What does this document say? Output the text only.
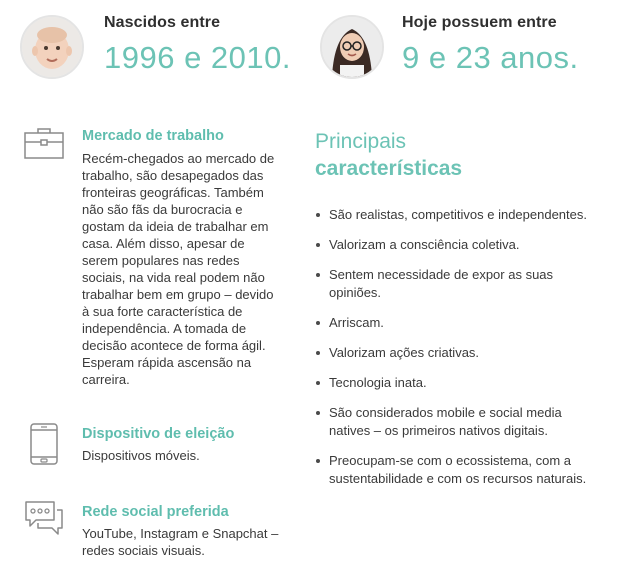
Nascidos entre
1996 e 2010.
Hoje possuem entre
9 e 23 anos.
Mercado de trabalho
Recém-chegados ao mercado de
trabalho, são desapegados das
fronteiras geográficas. Também
não são fãs da burocracia e
gostam da ideia de trabalhar em
casa. Além disso, apesar de
serem populares nas redes
sociais, na vida real podem não
trabalhar bem em grupo – devido
à sua forte característica de
independência. A tomada de
decisão acontece de forma ágil.
Esperam rápida ascensão na
carreira.
Dispositivo de eleição
Dispositivos móveis.
Rede social preferida
YouTube, Instagram e Snapchat –
redes sociais visuais.
Principais
características
São realistas, competitivos e independentes.
Valorizam a consciência coletiva.
Sentem necessidade de expor as suas
opiniões.
Arriscam.
Valorizam ações criativas.
Tecnologia inata.
São considerados mobile e social media
natives – os primeiros nativos digitais.
Preocupam-se com o ecossistema, com a
sustentabilidade e com os recursos naturais.
